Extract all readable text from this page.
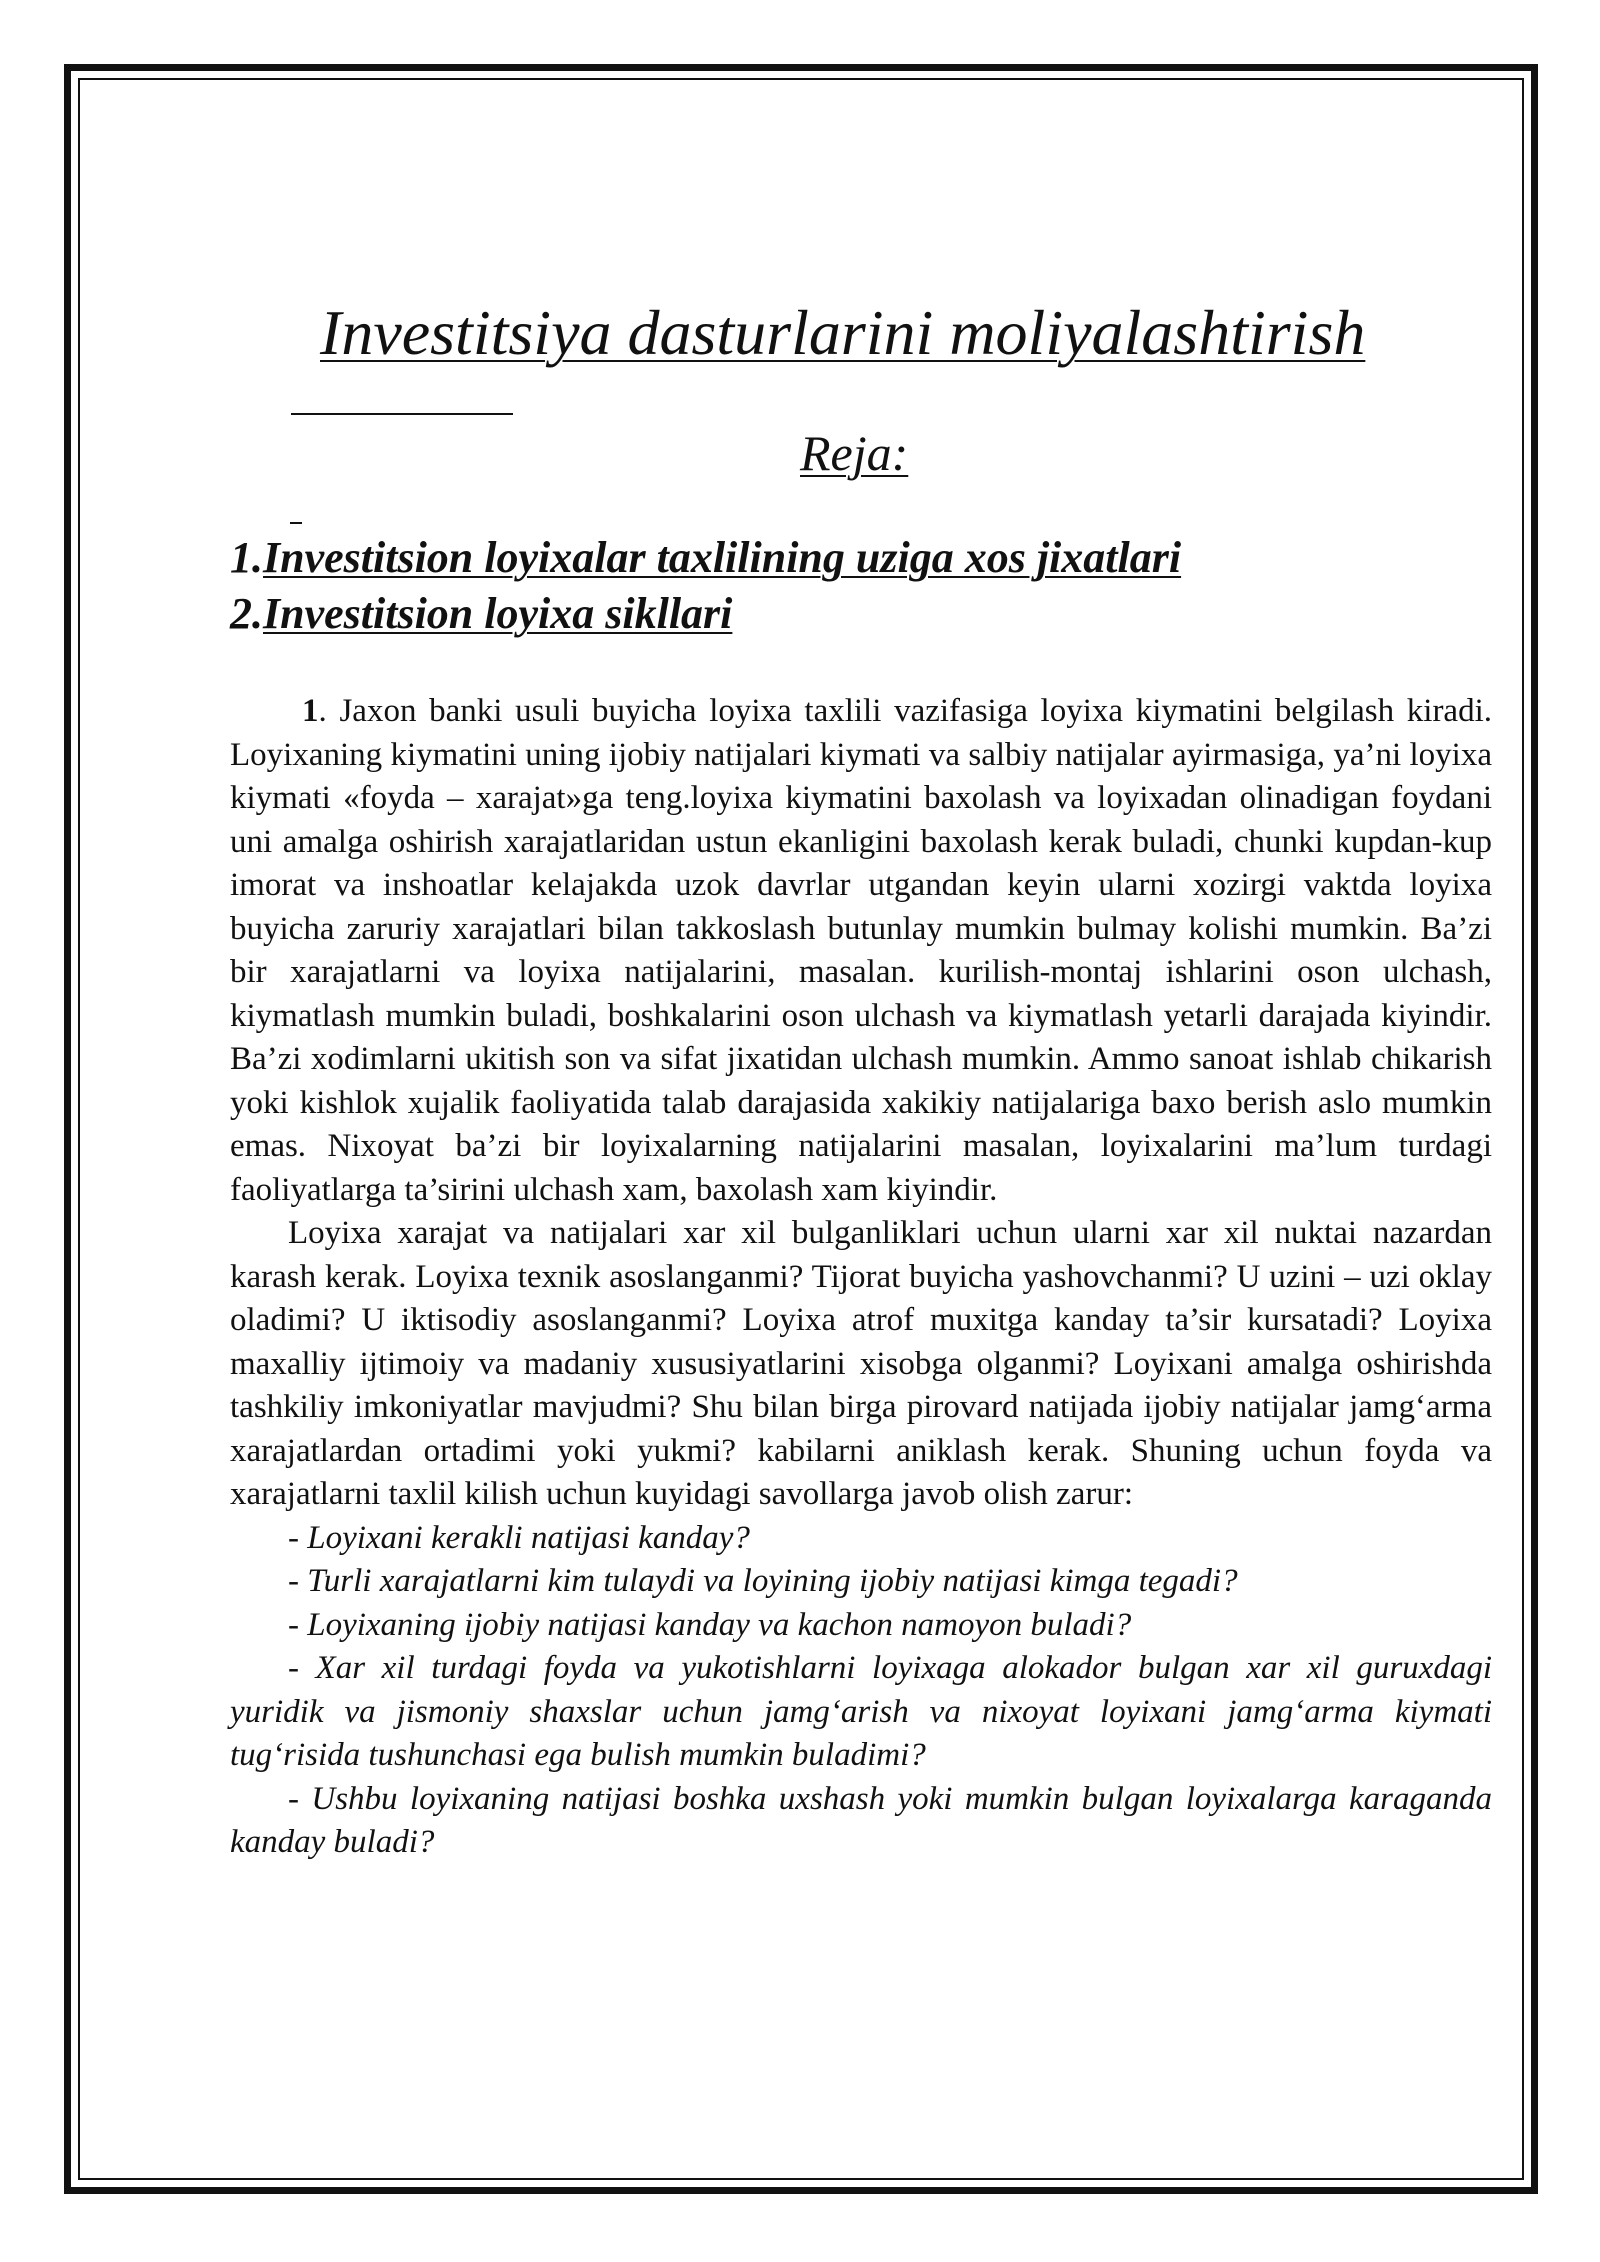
Investitsiya dasturlarini moliyalashtirish
Reja:
1.Investitsion loyixalar taxlilining uziga xos jixatlari
2.Investitsion loyixa sikllari

1. Jaxon banki usuli buyicha loyixa taxlili vazifasiga loyixa kiymatini belgilash kiradi. Loyixaning kiymatini uning ijobiy natijalari kiymati va salbiy natijalar ayirmasiga, ya’ni loyixa kiymati «foyda – xarajat»ga teng.loyixa kiymatini baxolash va loyixadan olinadigan foydani uni amalga oshirish xarajatlaridan ustun ekanligini baxolash kerak buladi, chunki kupdan-kup imorat va inshoatlar kelajakda uzok davrlar utgandan keyin ularni xozirgi vaktda loyixa buyicha zaruriy xarajatlari bilan takkoslash butunlay mumkin bulmay kolishi mumkin. Ba’zi bir xarajatlarni va loyixa natijalarini, masalan. kurilish-montaj ishlarini oson ulchash, kiymatlash mumkin buladi, boshkalarini oson ulchash va kiymatlash yetarli darajada kiyindir. Ba’zi xodimlarni ukitish son va sifat jixatidan ulchash mumkin. Ammo sanoat ishlab chikarish yoki kishlok xujalik faoliyatida talab darajasida xakikiy natijalariga baxo berish aslo mumkin emas. Nixoyat ba’zi bir loyixalarning natijalarini masalan, loyixalarini ma’lum turdagi faoliyatlarga ta’sirini ulchash xam, baxolash xam kiyindir.

Loyixa xarajat va natijalari xar xil bulganliklari uchun ularni xar xil nuktai nazardan karash kerak. Loyixa texnik asoslanganmi? Tijorat buyicha yashovchanmi? U uzini – uzi oklay oladimi? U iktisodiy asoslanganmi? Loyixa atrof muxitga kanday ta’sir kursatadi? Loyixa maxalliy ijtimoiy va madaniy xususiyatlarini xisobga olganmi? Loyixani amalga oshirishda tashkiliy imkoniyatlar mavjudmi? Shu bilan birga pirovard natijada ijobiy natijalar jamg‘arma xarajatlardan ortadimi yoki yukmi? kabilarni aniklash kerak. Shuning uchun foyda va xarajatlarni taxlil kilish uchun kuyidagi savollarga javob olish zarur:

- Loyixani kerakli natijasi kanday?
- Turli xarajatlarni kim tulaydi va loyining ijobiy natijasi kimga tegadi?
- Loyixaning ijobiy natijasi kanday va kachon namoyon buladi?
- Xar xil turdagi foyda va yukotishlarni loyixaga alokador bulgan xar xil guruxdagi yuridik va jismoniy shaxslar uchun jamg‘arish va nixoyat loyixani jamg‘arma kiymati tug‘risida tushunchasi ega bulish mumkin buladimi?
- Ushbu loyixaning natijasi boshka uxshash yoki mumkin bulgan loyixalarga karaganda kanday buladi?
